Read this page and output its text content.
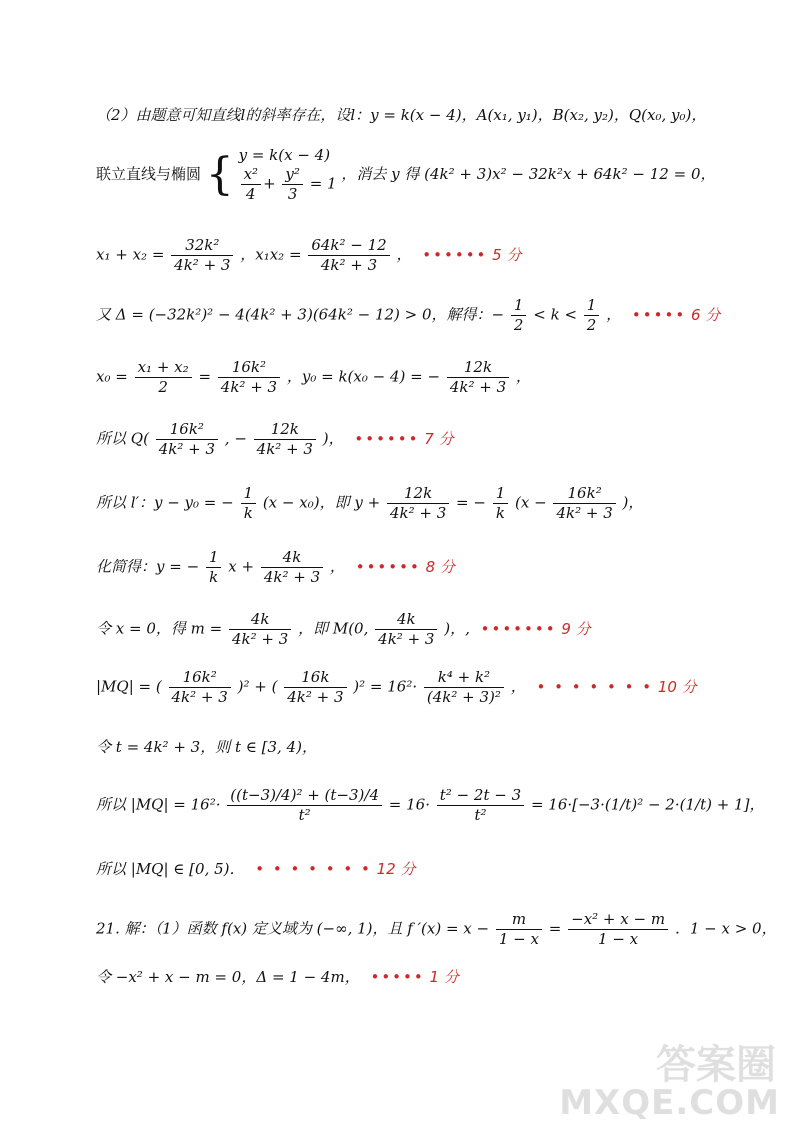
（2）由题意可知直线l的斜率存在，设l：y = k(x − 4)，A(x₁, y₁)，B(x₂, y₂)，Q(x₀, y₀)，
联立直线与椭圆 { y = k(x − 4)
$\frac{\text{x²}}{4} + \frac{\text{y²}}{3} = 1$
，消去 y 得 (4k² + 3)x² − 32k²x + 64k² − 12 = 0，
$x_1 + x_2 = \frac{\text{32k²}}{\text{4k² + 3}}$ ，$x_1x_2 = \frac{\text{64k² − 12}}{\text{4k² + 3}}$ ， •••••• 5 分
又 Δ = (−32k²)² − 4(4k² + 3)(64k² − 12) > 0，解得：− $\frac{1}{2} < k < \frac{1}{2}$ ， ••••• 6 分
$x_0 = \frac{\text{x₁ + x₂}}{2} = \frac{\text{16k²}}{\text{4k² + 3}}$ ，y₀ = k(x₀ − 4) = − $\frac{12k}{\text{4k² + 3}}$ ，
所以 $Q( \frac{\text{16k²}}{\text{4k² + 3}}$ , − $\frac{12k}{\text{4k² + 3}}$ )， •••••• 7 分
所以 l′：y − y₀ = − $\frac{1}{k} (x - x_0)$，即 $y + \frac{12k}{\text{4k² + 3}}$ = − $\frac{1}{k} (x - \frac{\text{16k²}}{\text{4k² + 3}}$ )，
化简得：y = − $\frac{1}{k}$ $x + \frac{4k}{\text{4k² + 3}}$ ， •••••• 8 分
令 x = 0，得 $m = \frac{4k}{\text{4k² + 3}}$ ，即 M(0, $\frac{4k}{\text{4k² + 3}}$ )，, ••••••• 9 分
|MQ| = ( $\frac{\text{16k²}}{\text{4k² + 3}} )^2$ + ( $\frac{16k}{\text{4k² + 3}} )^2 = 16^2\cdot \frac{\text{k⁴ + k²}}{\text{(4k² + 3)²}}$ ， • • • • • • • 10 分
令 t = 4k² + 3，则 t ∈ [3, 4)，
所以 $|MQ| = 16^2\cdot \frac{\text{((t−3)/4)² + (t−3)/4}}{\text{t²}} = 16\cdot \frac{\text{t² − 2t − 3}}{\text{t²}} = 16\cdot[-3\cdot(1/t)^2 - 2\cdot(1/t) + 1]$，
所以 |MQ| ∈ [0, 5)． • • • • • • • 12 分
21. 解：（1）函数 f(x) 定义域为 (−∞, 1)，且 f $'(x) = x - \frac{m}{1 - x} = \frac{\text{−x² + x − m}}{1 - x}$ ．1 − x > 0，
令 −x² + x − m = 0，Δ = 1 − 4m， ••••• 1 分
答案圈
MXQE.COM
